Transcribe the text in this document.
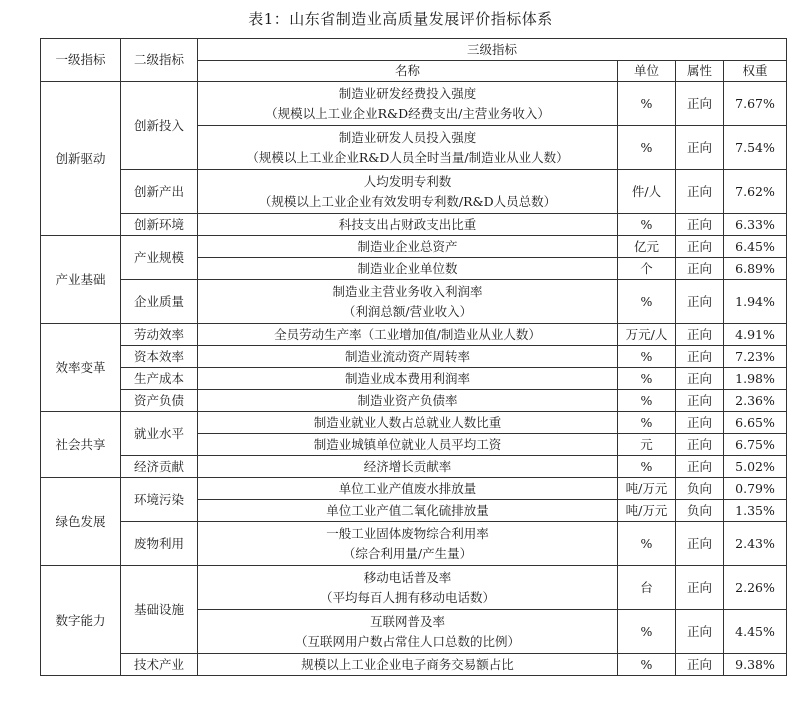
表1：山东省制造业高质量发展评价指标体系
一级指标	二级指标	三级指标			
		名称	单位	属性	权重
创新驱动	创新投入	制造业研发经费投入强度
（规模以上工业企业R&D经费支出/主营业务收入）	%	正向	7.67%

		制造业研发人员投入强度
（规模以上工业企业R&D人员全时当量/制造业从业人数）	%	正向	7.54%
	创新产出	人均发明专利数
（规模以上工业企业有效发明专利数/R&D人员总数）	件/人	正向	7.62%
	创新环境	科技支出占财政支出比重	%	正向	6.33%
产业基础	产业规模	制造业企业总资产	亿元	正向	6.45%

		制造业企业单位数	个	正向	6.89%
	企业质量	制造业主营业务收入利润率
（利润总额/营业收入）	%	正向	1.94%
效率变革	劳动效率	全员劳动生产率（工业增加值/制造业从业人数）	万元/人	正向	4.91%
	资本效率	制造业流动资产周转率	%	正向	7.23%
	生产成本	制造业成本费用利润率	%	正向	1.98%
	资产负债	制造业资产负债率	%	正向	2.36%
社会共享	就业水平	制造业就业人数占总就业人数比重	%	正向	6.65%

		制造业城镇单位就业人员平均工资	元	正向	6.75%
	经济贡献	经济增长贡献率	%	正向	5.02%
绿色发展	环境污染	单位工业产值废水排放量	吨/万元	负向	0.79%

		单位工业产值二氧化硫排放量	吨/万元	负向	1.35%
	废物利用	一般工业固体废物综合利用率
（综合利用量/产生量）	%	正向	2.43%
数字能力	基础设施	移动电话普及率
（平均每百人拥有移动电话数）	台	正向	2.26%

		互联网普及率
（互联网用户数占常住人口总数的比例）	%	正向	4.45%
	技术产业	规模以上工业企业电子商务交易额占比	%	正向	9.38%
